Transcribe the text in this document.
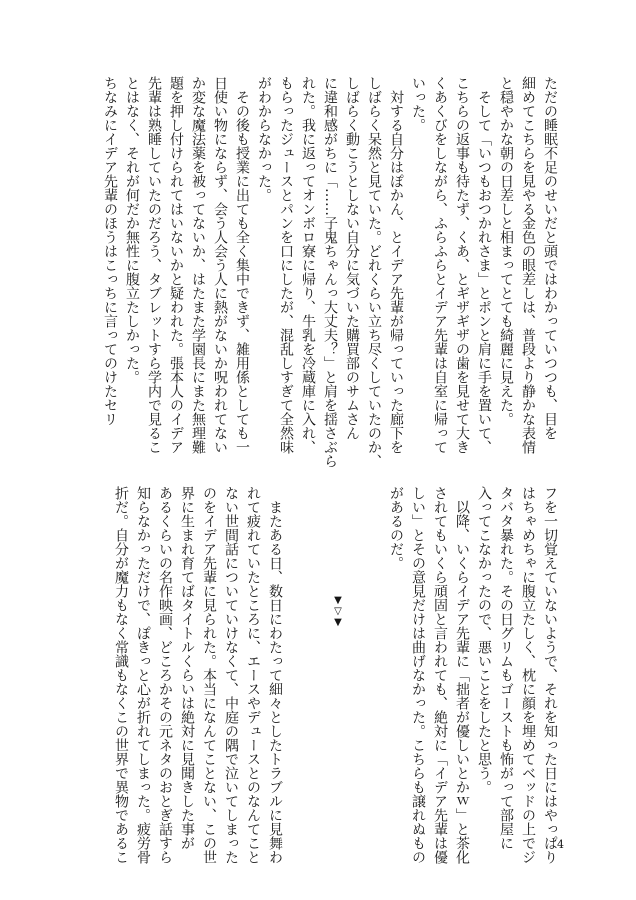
ただの睡眠不足のせいだと頭ではわかっていつつも、目を
細めてこちらを見やる金色の眼差しは、普段より静かな表情
と穏やかな朝の日差しと相まってとても綺麗に見えた。
　そして「いつもおつかれさま」とポンと肩に手を置いて、
こちらの返事も待たず、くあ、とギザギザの歯を見せて大き
くあくびをしながら、ふらふらとイデア先輩は自室に帰って
いった。
　対する自分はぽかん、とイデア先輩が帰っていった廊下を
しばらく呆然と見ていた。どれくらい立ち尽くしていたのか、
しばらく動こうとしない自分に気づいた購買部のサムさん
に違和感がちに「……子鬼ちゃんっ大丈夫？」と肩を揺さぶら
れた。我に返ってオンボロ寮に帰り、牛乳を冷蔵庫に入れ、
もらったジュースとパンを口にしたが、混乱しすぎて全然味
がわからなかった。
　その後も授業に出ても全く集中できず、雑用係としても一
日使い物にならず、会う人会う人に熱がないか呪われてない
か変な魔法薬を被ってないか、はたまた学園長にまた無理難
題を押し付けられてはいないかと疑われた。張本人のイデア
先輩は熟睡していたのだろう、タブレットすら学内で見るこ
とはなく、それが何だか無性に腹立たしかった。
ちなみにイデア先輩のほうはこっちに言ってのけたセリ
フを一切覚えていないようで、それを知った日にはやっぱり
はちゃめちゃに腹立たしく、枕に顔を埋めてベッドの上でジ
タバタ暴れた。その日グリムもゴーストも怖がって部屋に
入ってこなかったので、悪いことをしたと思う。
　以降、いくらイデア先輩に「拙者が優しいとかｗ」と茶化
されてもいくら頑固と言われても、絶対に「イデア先輩は優
しい」とその意見だけは曲げなかった。こちらも譲れぬもの
があるのだ。
▼
▽
▼
　またある日、数日にわたって細々としたトラブルに見舞わ
れて疲れていたところに、エースやデュースとのなんてこと
ない世間話についていけなくて、中庭の隅で泣いてしまった
のをイデア先輩に見られた。本当になんてことない、この世
界に生まれ育てばタイトルくらいは絶対に見聞きした事が
あるくらいの名作映画、どころかその元ネタのおとぎ話すら
知らなかっただけで、ぽきっと心が折れてしまった。疲労骨
折だ。自分が魔力もなく常識もなくこの世界で異物であるこ	4
